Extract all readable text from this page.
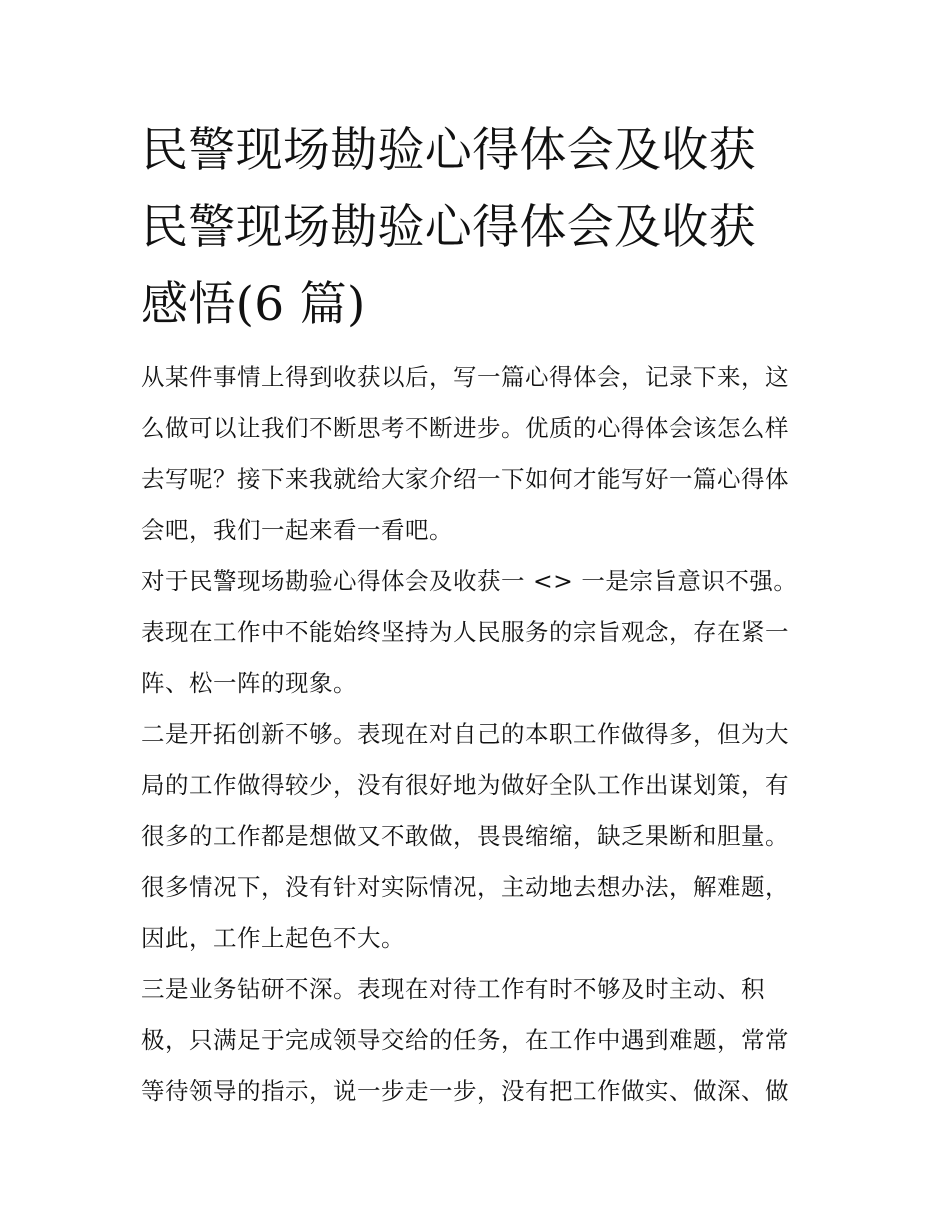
民警现场勘验心得体会及收获
民警现场勘验心得体会及收获
感悟(6 篇)

从某件事情上得到收获以后，写一篇心得体会，记录下来，这
么做可以让我们不断思考不断进步。优质的心得体会该怎么样
去写呢？接下来我就给大家介绍一下如何才能写好一篇心得体
会吧，我们一起来看一看吧。

对于民警现场勘验心得体会及收获一 <> 一是宗旨意识不强。
表现在工作中不能始终坚持为人民服务的宗旨观念，存在紧一
阵、松一阵的现象。

二是开拓创新不够。表现在对自己的本职工作做得多，但为大
局的工作做得较少，没有很好地为做好全队工作出谋划策，有
很多的工作都是想做又不敢做，畏畏缩缩，缺乏果断和胆量。
很多情况下，没有针对实际情况，主动地去想办法，解难题，
因此，工作上起色不大。

三是业务钻研不深。表现在对待工作有时不够及时主动、积
极，只满足于完成领导交给的任务，在工作中遇到难题，常常
等待领导的指示，说一步走一步，没有把工作做实、做深、做
